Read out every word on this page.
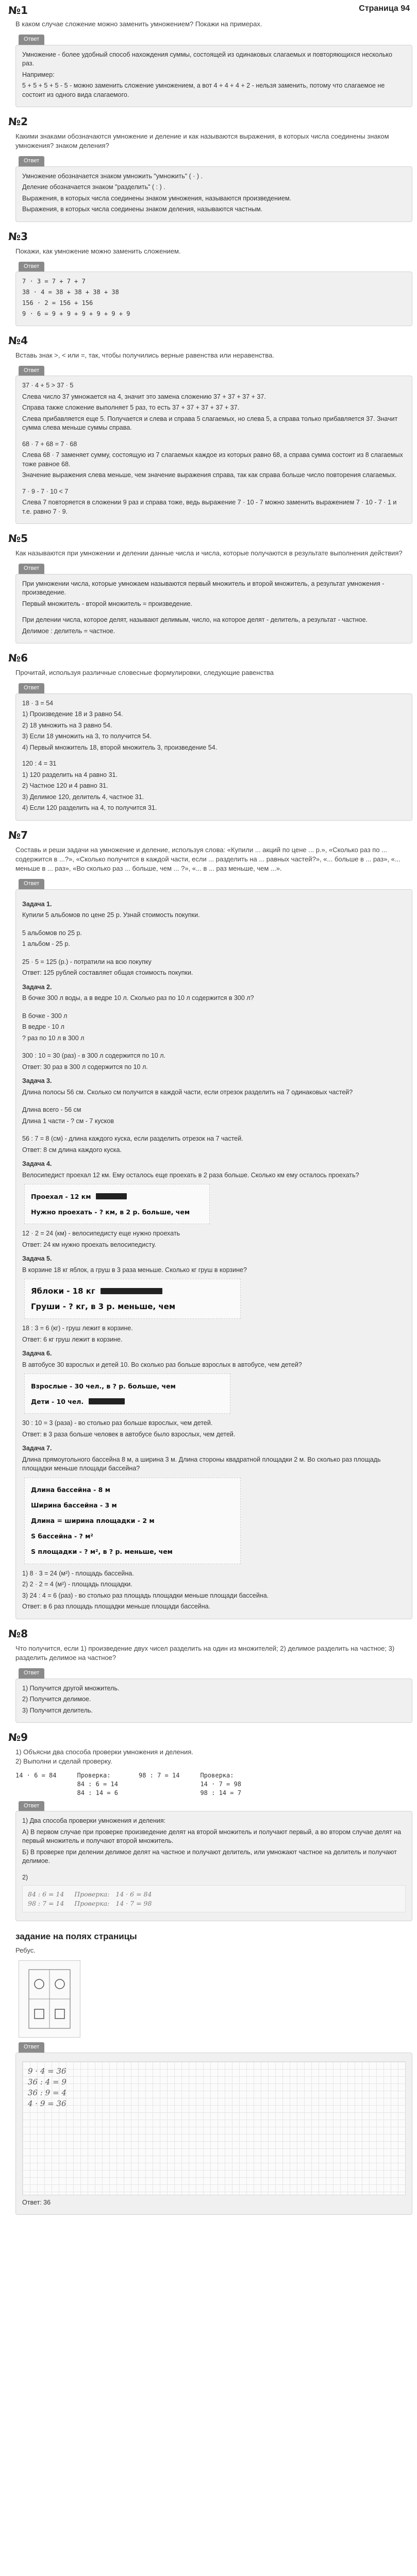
№1	Страница 94
В каком случае сложение можно заменить умножением? Покажи на примерах.
Ответ

Умножение - более удобный способ нахождения суммы, состоящей из одинаковых слагаемых и повторяющихся несколько раз.

Например:

5 + 5 + 5 + 5 - 5 - можно заменить сложение умножением, а вот 4 + 4 + 4 + 2 - нельзя заменить, потому что слагаемое не состоит из одного вида слагаемого.

№2
Какими знаками обозначаются умножение и деление и как называются выражения, в которых числа соединены знаком умножения? знаком деления?
Ответ

Умножение обозначается знаком умножить "умножить" ( · ) .

Деление обозначается знаком "разделить" ( : ) .

Выражения, в которых числа соединены знаком умножения, называются произведением.

Выражения, в которых числа соединены знаком деления, называются частным.

№3
Покажи, как умножение можно заменить сложением.
Ответ

7 · 3 = 7 + 7 + 7

38 · 4 = 38 + 38 + 38 + 38

156 · 2 = 156 + 156

9 · 6 = 9 + 9 + 9 + 9 + 9 + 9

№4
Вставь знак >, < или =, так, чтобы получились верные равенства или неравенства.
Ответ

37 · 4 + 5 > 37 · 5

Слева число 37 умножается на 4, значит это замена сложению 37 + 37 + 37 + 37.

Справа также сложение выполняет 5 раз, то есть 37 + 37 + 37 + 37 + 37.

Слева прибавляется еще 5. Получается и слева и справа 5 слагаемых, но слева 5, а справа только прибавляется 37. Значит сумма слева меньше суммы справа.

68 · 7 + 68 = 7 · 68

Слева 68 · 7 заменяет сумму, состоящую из 7 слагаемых каждое из которых равно 68, а справа сумма состоит из 8 слагаемых тоже равное 68.

Значение выражения слева меньше, чем значение выражения справа, так как справа больше число повторения слагаемых.

7 · 9 - 7 · 10 < 7

Слева 7 повторяется в сложении 9 раз и справа тоже, ведь выражение 7 · 10 - 7 можно заменить выражением 7 · 10 - 7 · 1 и т.е. равно 7 · 9.

№5
Как называются при умножении и делении данные числа и числа, которые получаются в результате выполнения действия?
Ответ

При умножении числа, которые умножаем называются первый множитель и второй множитель, а результат умножения - произведение.

Первый множитель - второй множитель = произведение.

При делении числа, которое делят, называют делимым, число, на которое делят - делитель, а результат - частное.

Делимое : делитель = частное.

№6
Прочитай, используя различные словесные формулировки, следующие равенства
Ответ

18 · 3 = 54

1) Произведение 18 и 3 равно 54.

2) 18 умножить на 3 равно 54.

3) Если 18 умножить на 3, то получится 54.

4) Первый множитель 18, второй множитель 3, произведение 54.

120 : 4 = 31

1) 120 разделить на 4 равно 31.

2) Частное 120 и 4 равно 31.

3) Делимое 120, делитель 4, частное 31.

4) Если 120 разделить на 4, то получится 31.

№7
Составь и реши задачи на умножение и деление, используя слова: «Купили ... акций по цене ... р.», «Сколько раз по ... содержится в ...?», «Сколько получится в каждой части, если ... разделить на ... равных частей?», «... больше в ... раз», «... меньше в ... раз», «Во сколько раз ... больше, чем ... ?», «... в ... раз меньше, чем ...».
Ответ
Задача 1.

Купили 5 альбомов по цене 25 р. Узнай стоимость покупки.

5 альбомов по 25 р.

1 альбом - 25 р.

25 · 5 = 125 (р.) - потратили на всю покупку

Ответ: 125 рублей составляет общая стоимость покупки.

Задача 2.

В бочке 300 л воды, а в ведре 10 л. Сколько раз по 10 л содержится в 300 л?

В бочке - 300 л

В ведре - 10 л

? раз по 10 л в 300 л

300 : 10 = 30 (раз) - в 300 л содержится по 10 л.

Ответ: 30 раз в 300 л содержится по 10 л.

Задача 3.

Длина полосы 56 см. Сколько см получится в каждой части, если отрезок разделить на 7 одинаковых частей?

Длина всего - 56 см

Длина 1 части - ? см - 7 кусков

56 : 7 = 8 (см) - длина каждого куска, если разделить отрезок на 7 частей.

Ответ: 8 см длина каждого куска.

Задача 4.

Велосипедист проехал 12 км. Ему осталось еще проехать в 2 раза больше. Сколько км ему осталось проехать?

Проехал - 12 км
Нужно проехать - ? км, в 2 р. больше, чем

12 · 2 = 24 (км) - велосипедисту еще нужно проехать

Ответ: 24 км нужно проехать велосипедисту.

Задача 5.

В корзине 18 кг яблок, а груш в 3 раза меньше. Сколько кг груш в корзине?

Яблоки - 18 кг
Груши - ? кг, в 3 р. меньше, чем

18 : 3 = 6 (кг) - груш лежит в корзине.

Ответ: 6 кг груш лежит в корзине.

Задача 6.

В автобусе 30 взрослых и детей 10. Во сколько раз больше взрослых в автобусе, чем детей?

Взрослые - 30 чел., в ? р. больше, чем
Дети - 10 чел.

30 : 10 = 3 (раза) - во столько раз больше взрослых, чем детей.

Ответ: в 3 раза больше человек в автобусе было взрослых, чем детей.

Задача 7.

Длина прямоугольного бассейна 8 м, а ширина 3 м. Длина стороны квадратной площадки 2 м. Во сколько раз площадь площадки меньше площади бассейна?

Длина бассейна - 8 м
Ширина бассейна - 3 м
Длина = ширина площадки - 2 м
S бассейна - ? м²
S площадки - ? м², в ? р. меньше, чем

1) 8 · 3 = 24 (м²) - площадь бассейна.

2) 2 · 2 = 4 (м²) - площадь площадки.

3) 24 : 4 = 6 (раз) - во столько раз площадь площадки меньше площади бассейна.

Ответ: в 6 раз площадь площадки меньше площади бассейна.

№8
Что получится, если 1) произведение двух чисел разделить на один из множителей; 2) делимое разделить на частное; 3) разделить делимое на частное?
Ответ

1) Получится другой множитель.

2) Получится делимое.

3) Получится делитель.

№9
1) Объясни два способа проверки умножения и деления.
2) Выполни и сделай проверку.
14 · 6 = 84	Проверка:
84 : 6 = 14
84 : 14 = 6
98 : 7 = 14	Проверка:
14 · 7 = 98
98 : 14 = 7
Ответ

1) Два способа проверки умножения и деления:

А) В первом случае при проверке произведение делят на второй множитель и получают первый, а во втором случае делят на первый множитель и получают второй множитель.

Б) В проверке при делении делимое делят на частное и получают делитель, или умножают частное на делитель и получают делимое.

2)

84 : 6 = 14     Проверка:   14 · 6 = 84
98 : 7 = 14     Проверка:   14 · 7 = 98
задание на полях страницы
Ребус.
Ответ
9 · 4 = 36
36 : 4 = 9
36 : 9 = 4
4 · 9 = 36

Ответ: 36
